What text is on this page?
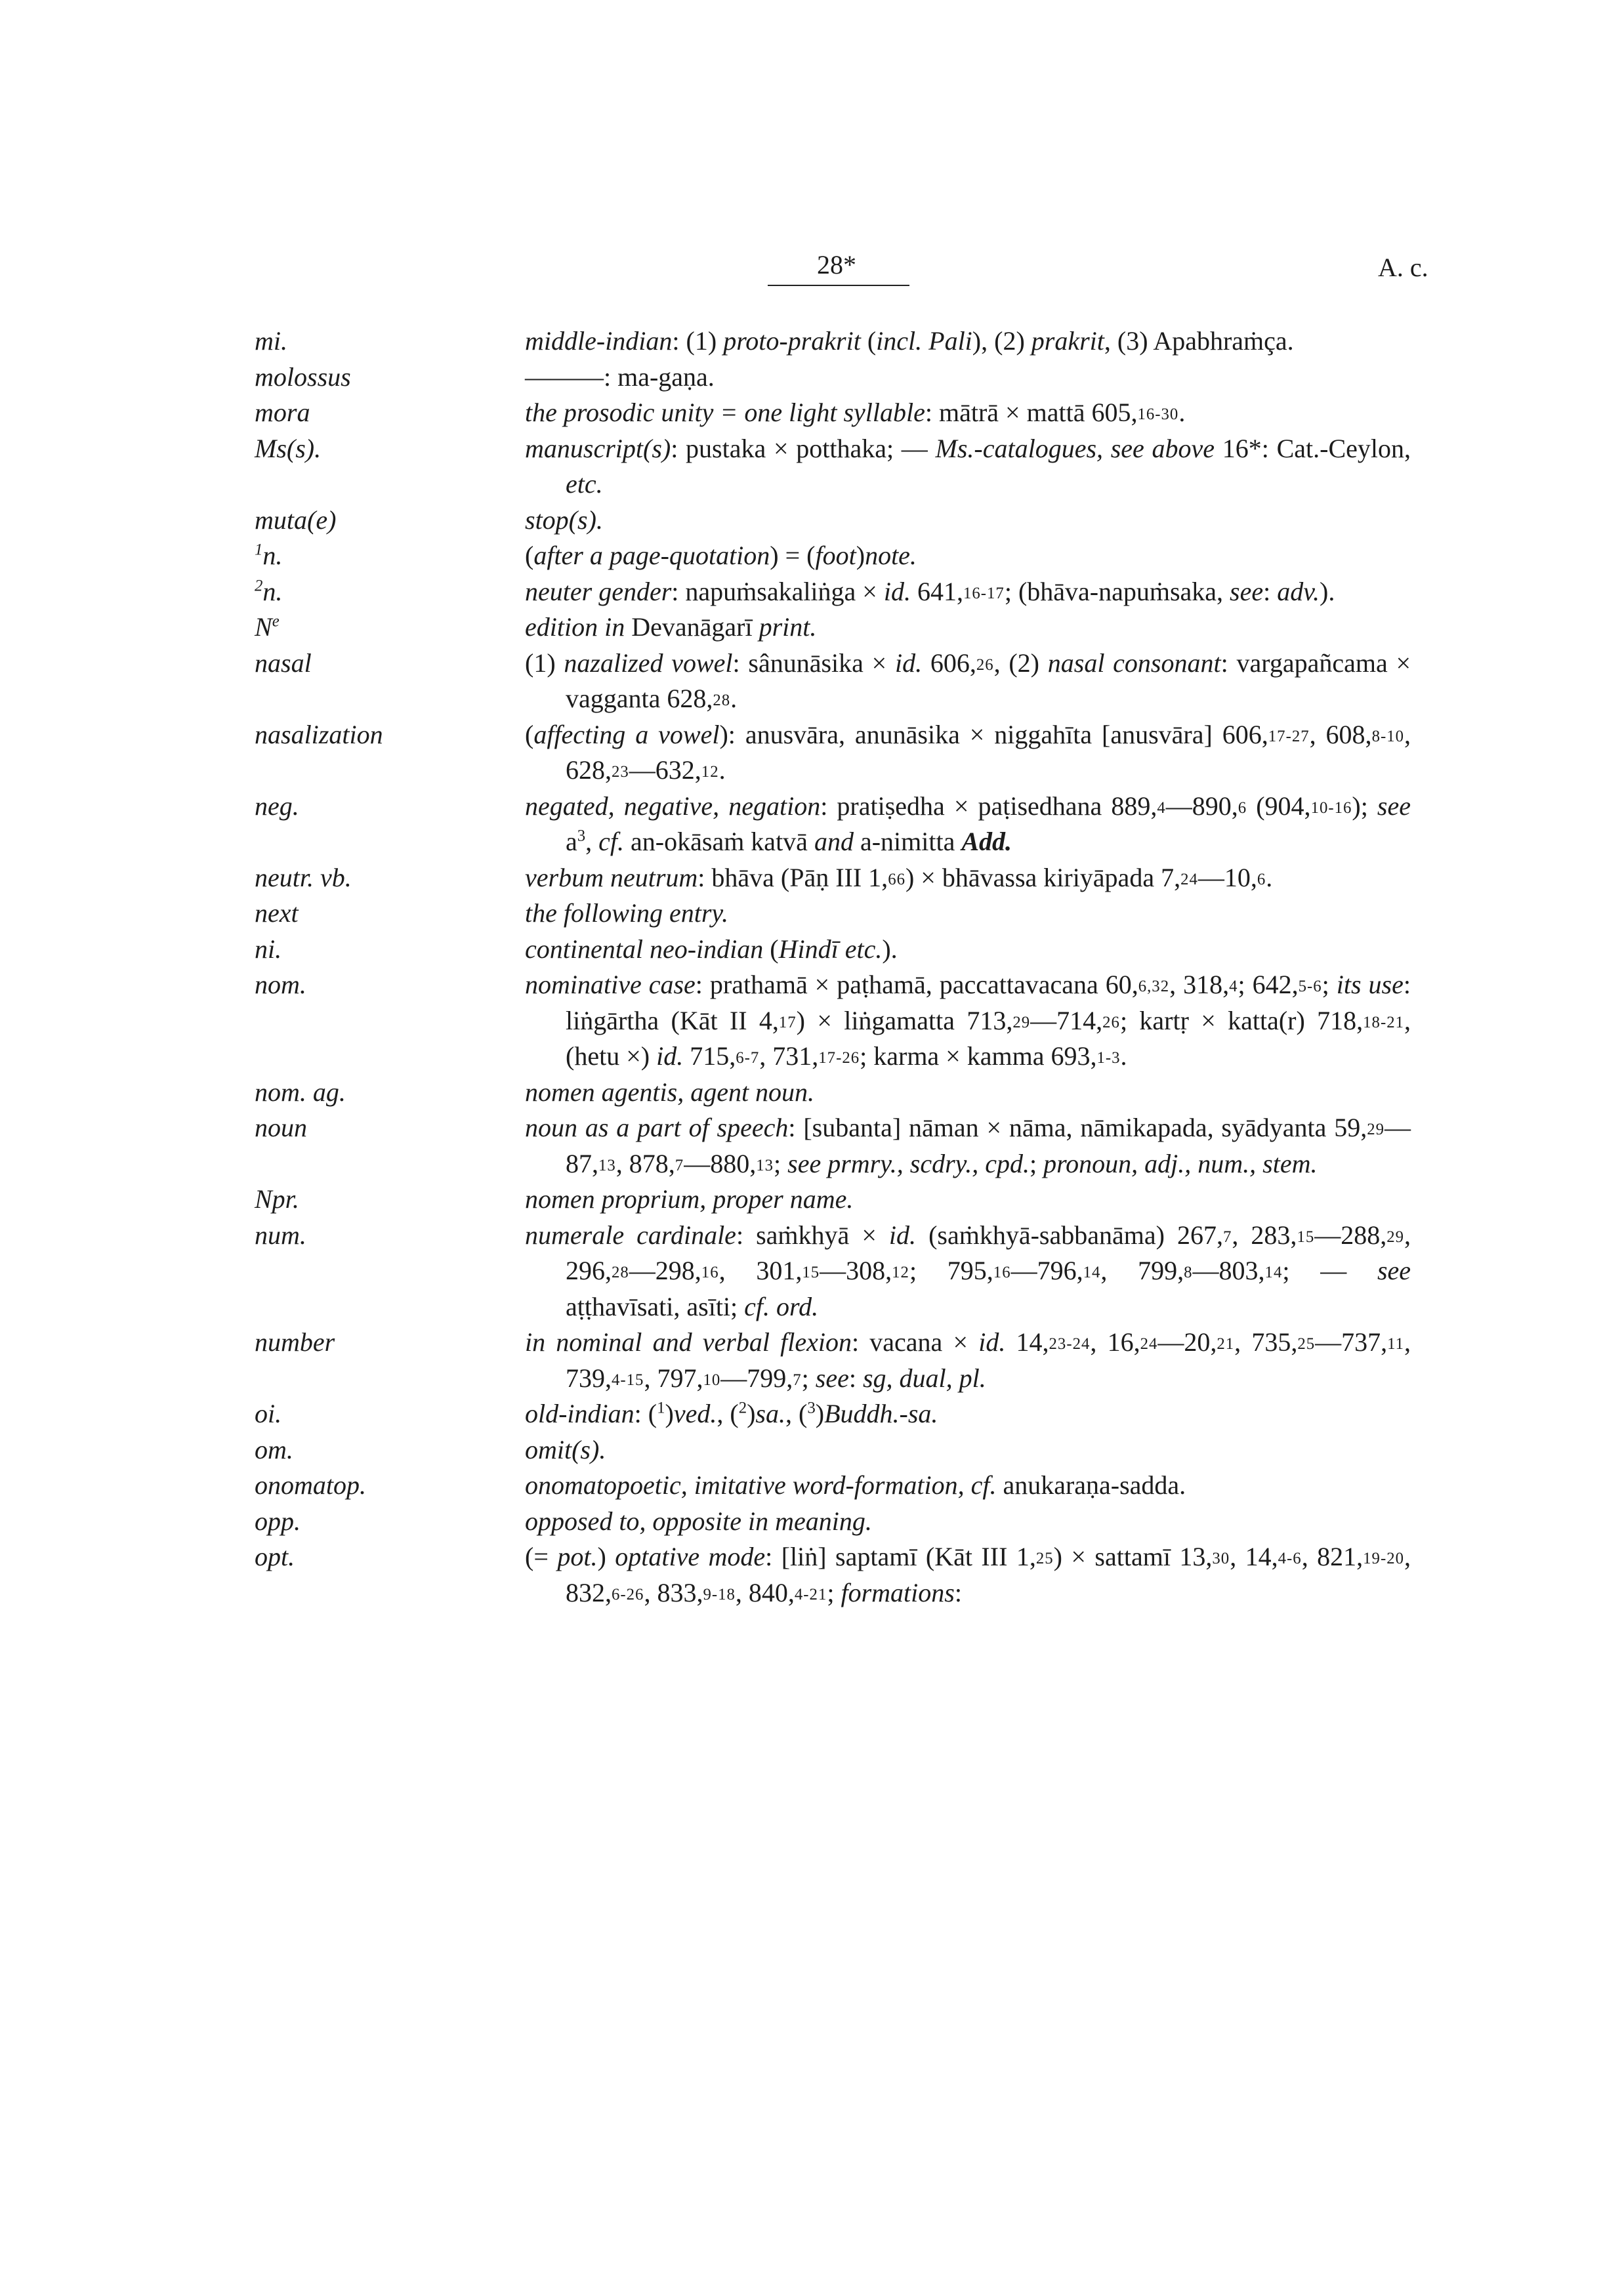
28*	A. c.
mi.	middle-indian: (1) proto-prakrit (incl. Pali), (2) prakrit, (3) Apabhraṁça.
molossus	———: ma-gaṇa.
mora	the prosodic unity = one light syllable: mātrā × mattā $605,_{16-30}$.
Ms(s).	manuscript(s): pustaka × potthaka; — Ms.-catalogues, see above 16*: Cat.-Ceylon, etc.
muta(e)	stop(s).
$^1$n.	(after a page-quotation) = (foot)note.
$^2$n.	neuter gender: napuṁsakaliṅga × id. $641,_{16-17}$; (bhāva-napuṁsaka, see: adv.).
$N^e$	edition in Devanāgarī print.
nasal	(1) nazalized vowel: sânunāsika × id. $606,_{26}$, (2) nasal consonant: vargapañcama × vagganta $628,_{28}$.
nasalization	(affecting a vowel): anusvāra, anunāsika × niggahīta [anusvāra] $606,_{17-27}$, $608,_{8-10}$, $628,_{23}—632,_{12}$.
neg.	negated, negative, negation: pratiṣedha × paṭisedhana $889,_4—890,_6$ $(904,_{10-16})$; see $a^3$, cf. an-okāsaṁ katvā and a-nimitta Add.
neutr. vb.	verbum neutrum: bhāva (Pāṇ III $1,_{66}$) × bhāvassa kiriyāpada $7,_{24}—10,_6$.
next	the following entry.
ni.	continental neo-indian (Hindī etc.).
nom.	nominative case: prathamā × paṭhamā, paccattavacana $60,_{6,32}$, $318,_4$; $642,_{5-6}$; its use: liṅgārtha (Kāt II $4,_{17}$) × liṅgamatta $713,_{29}—714,_{26}$; kartṛ × katta(r) $718,_{18-21}$, (hetu ×) id. $715,_{6-7}$, $731,_{17-26}$; karma × kamma $693,_{1-3}$.
nom. ag.	nomen agentis, agent noun.
noun	noun as a part of speech: [subanta] nāman × nāma, nāmikapada, syādyanta $59,_{29}—87,_{13}$, $878,_7—880,_{13}$; see prmry., scdry., cpd.; pronoun, adj., num., stem.
Npr.	nomen proprium, proper name.
num.	numerale cardinale: saṁkhyā × id. (saṁkhyā-sabbanāma) $267,_7$, $283,_{15}—288,_{29}$, $296,_{28}—298,_{16}$, $301,_{15}—308,_{12}$; $795,_{16}—796,_{14}$, $799,_8—803,_{14}$; — see aṭṭhavīsati, asīti; cf. ord.
number	in nominal and verbal flexion: vacana × id. $14,_{23-24}$, $16,_{24}—20,_{21}$, $735,_{25}—737,_{11}$, $739,_{4-15}$, $797,_{10}—799,_7$; see: sg, dual, pl.
oi.	old-indian: ($^1$)ved., ($^2$)sa., ($^3$)Buddh.-sa.
om.	omit(s).
onomatop.	onomatopoetic, imitative word-formation, cf. anukaraṇa-sadda.
opp.	opposed to, opposite in meaning.
opt.	(= pot.) optative mode: [liṅ] saptamī (Kāt III $1,_{25}$) × sattamī $13,_{30}$, $14,_{4-6}$, $821,_{19-20}$, $832,_{6-26}$, $833,_{9-18}$, $840,_{4-21}$; formations:
